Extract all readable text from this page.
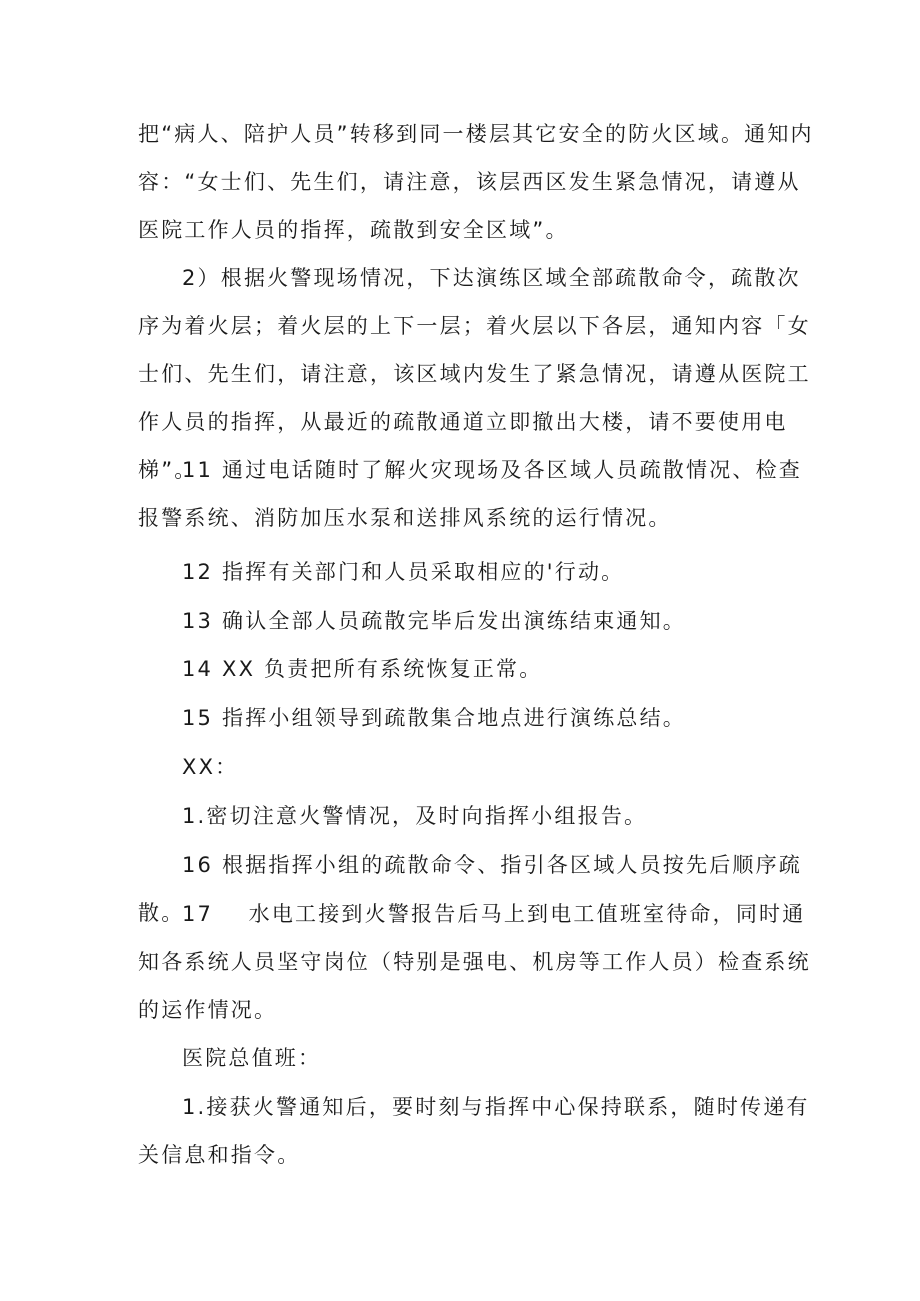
把“病人、陪护人员”转移到同一楼层其它安全的防火区域。通知内容：“女士们、先生们，请注意，该层西区发生紧急情况，请遵从医院工作人员的指挥，疏散到安全区域”。

2）根据火警现场情况，下达演练区域全部疏散命令，疏散次序为着火层；着火层的上下一层；着火层以下各层，通知内容「女士们、先生们，请注意，该区域内发生了紧急情况，请遵从医院工作人员的指挥，从最近的疏散通道立即撤出大楼，请不要使用电梯”。

11 通过电话随时了解火灾现场及各区域人员疏散情况、检查报警系统、消防加压水泵和送排风系统的运行情况。

12 指挥有关部门和人员采取相应的'行动。

13 确认全部人员疏散完毕后发出演练结束通知。

14 XX 负责把所有系统恢复正常。

15 指挥小组领导到疏散集合地点进行演练总结。

XX：

1.密切注意火警情况，及时向指挥小组报告。

16 根据指挥小组的疏散命令、指引各区域人员按先后顺序疏散。

17    水电工接到火警报告后马上到电工值班室待命，同时通知各系统人员坚守岗位（特别是强电、机房等工作人员）检查系统的运作情况。

医院总值班：

1.接获火警通知后，要时刻与指挥中心保持联系，随时传递有关信息和指令。
